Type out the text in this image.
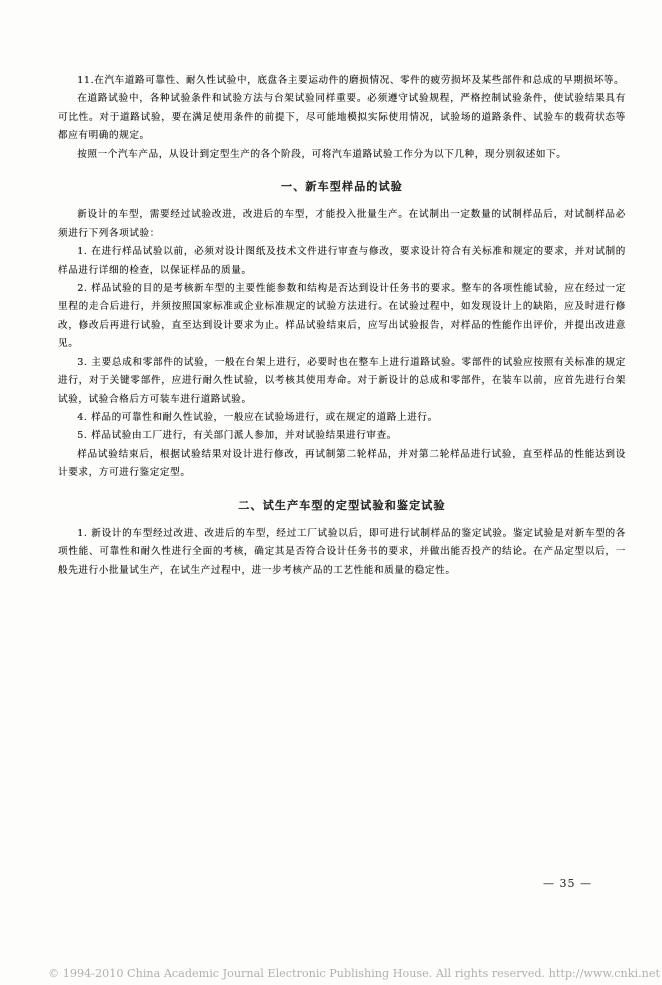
11.在汽车道路可靠性、耐久性试验中，底盘各主要运动件的磨损情况、零件的疲劳损坏及某些部件和总成的早期损坏等。

在道路试验中，各种试验条件和试验方法与台架试验同样重要。必须遵守试验规程，严格控制试验条件，使试验结果具有可比性。对于道路试验，要在满足使用条件的前提下，尽可能地模拟实际使用情况，试验场的道路条件、试验车的载荷状态等都应有明确的规定。

按照一个汽车产品，从设计到定型生产的各个阶段，可将汽车道路试验工作分为以下几种，现分别叙述如下。

一、新车型样品的试验

新设计的车型，需要经过试验改进，改进后的车型，才能投入批量生产。在试制出一定数量的试制样品后，对试制样品必须进行下列各项试验：

1. 在进行样品试验以前，必须对设计图纸及技术文件进行审查与修改，要求设计符合有关标准和规定的要求，并对试制的样品进行详细的检查，以保证样品的质量。

2. 样品试验的目的是考核新车型的主要性能参数和结构是否达到设计任务书的要求。整车的各项性能试验，应在经过一定里程的走合后进行，并须按照国家标准或企业标准规定的试验方法进行。在试验过程中，如发现设计上的缺陷，应及时进行修改，修改后再进行试验，直至达到设计要求为止。样品试验结束后，应写出试验报告，对样品的性能作出评价，并提出改进意见。

3. 主要总成和零部件的试验，一般在台架上进行，必要时也在整车上进行道路试验。零部件的试验应按照有关标准的规定进行，对于关键零部件，应进行耐久性试验，以考核其使用寿命。对于新设计的总成和零部件，在装车以前，应首先进行台架试验，试验合格后方可装车进行道路试验。

4. 样品的可靠性和耐久性试验，一般应在试验场进行，或在规定的道路上进行。

5. 样品试验由工厂进行，有关部门派人参加，并对试验结果进行审查。

样品试验结束后，根据试验结果对设计进行修改，再试制第二轮样品，并对第二轮样品进行试验，直至样品的性能达到设计要求，方可进行鉴定定型。

二、试生产车型的定型试验和鉴定试验

1. 新设计的车型经过改进、改进后的车型，经过工厂试验以后，即可进行试制样品的鉴定试验。鉴定试验是对新车型的各项性能、可靠性和耐久性进行全面的考核，确定其是否符合设计任务书的要求，并做出能否投产的结论。在产品定型以后，一般先进行小批量试生产，在试生产过程中，进一步考核产品的工艺性能和质量的稳定性。

— 35 —
© 1994-2010 China Academic Journal Electronic Publishing House. All rights reserved. http://www.cnki.net
